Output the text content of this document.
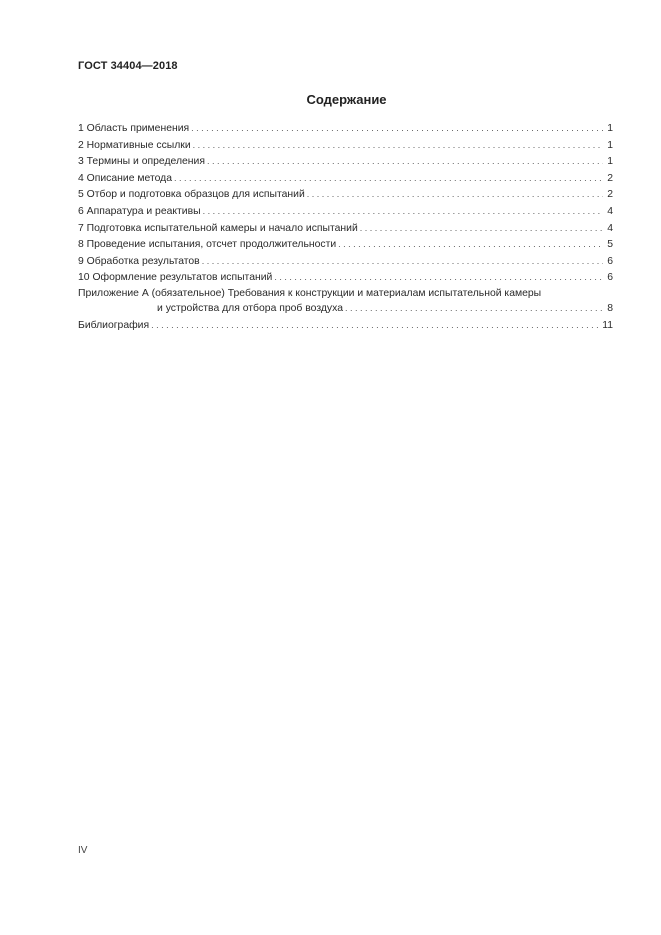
ГОСТ 34404—2018
Содержание
1 Область применения . . .	1
2 Нормативные ссылки . . .	1
3 Термины и определения . . .	1
4 Описание метода . . .	2
5 Отбор и подготовка образцов для испытаний . . .	2
6 Аппаратура и реактивы . . .	4
7 Подготовка испытательной камеры и начало испытаний . . .	4
8 Проведение испытания, отсчет продолжительности . . .	5
9 Обработка результатов . . .	6
10 Оформление результатов испытаний . . .	6
Приложение А (обязательное) Требования к конструкции и материалам испытательной камеры
и устройства для отбора проб воздуха . . .	8
Библиография . . .	11
IV
